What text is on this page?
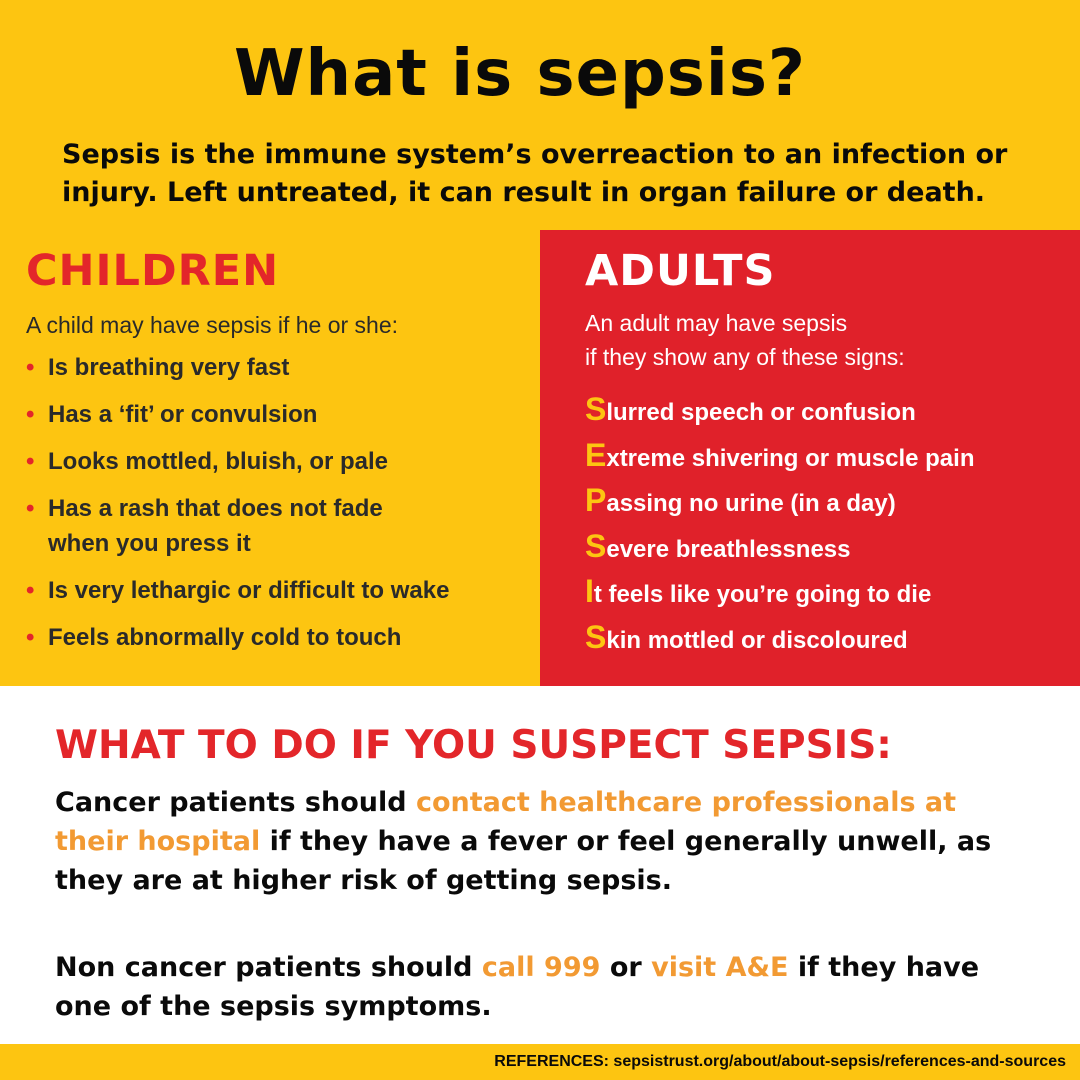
What is sepsis?

Sepsis is the immune system’s overreaction to an infection or
injury. Left untreated, it can result in organ failure or death.

CHILDREN

A child may have sepsis if he or she:

• Is breathing very fast
• Has a ‘fit’ or convulsion
• Looks mottled, bluish, or pale
• Has a rash that does not fade
when you press it
• Is very lethargic or difficult to wake
• Feels abnormally cold to touch
ADULTS

An adult may have sepsis
if they show any of these signs:

Slurred speech or confusion
Extreme shivering or muscle pain
Passing no urine (in a day)
Severe breathlessness
It feels like you’re going to die
Skin mottled or discoloured
WHAT TO DO IF YOU SUSPECT SEPSIS:

Cancer patients should contact healthcare professionals at their hospital if they have a fever or feel generally unwell, as they are at higher risk of getting sepsis.

Non cancer patients should call 999 or visit A&E if they have one of the sepsis symptoms.

REFERENCES: sepsistrust.org/about/about-sepsis/references-and-sources
